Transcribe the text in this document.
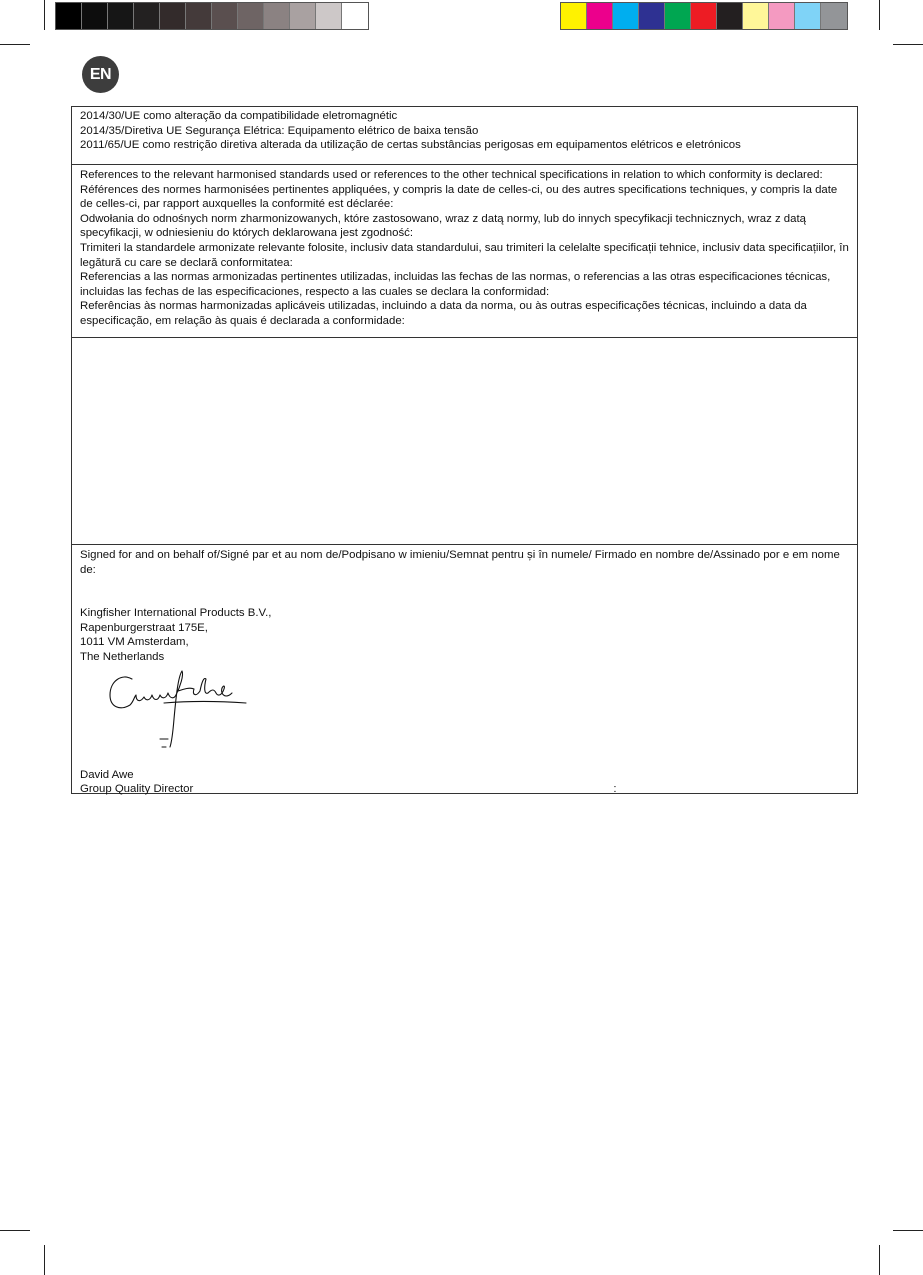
EN
2014/30/UE como alteração da compatibilidade eletromagnétic
2014/35/Diretiva UE Segurança Elétrica: Equipamento elétrico de baixa tensão
2011/65/UE como restrição diretiva alterada da utilização de certas substâncias perigosas em equipamentos elétricos e eletrónicos
References to the relevant harmonised standards used or references to the other technical specifications in relation to which conformity is declared:
Références des normes harmonisées pertinentes appliquées, y compris la date de celles-ci, ou des autres specifications techniques, y compris la date de celles-ci, par rapport auxquelles la conformité est déclarée:
Odwołania do odnośnych norm zharmonizowanych, które zastosowano, wraz z datą normy, lub do innych specyfikacji technicznych, wraz z datą specyfikacji, w odniesieniu do których deklarowana jest zgodność:
Trimiteri la standardele armonizate relevante folosite, inclusiv data standardului, sau trimiteri la celelalte specificații tehnice, inclusiv data specificațiilor, în legătură cu care se declară conformitatea:
Referencias a las normas armonizadas pertinentes utilizadas, incluidas las fechas de las normas, o referencias a las otras especificaciones técnicas, incluidas las fechas de las especificaciones, respecto a las cuales se declara la conformidad:
Referências às normas harmonizadas aplicáveis utilizadas, incluindo a data da norma, ou às outras especificações técnicas, incluindo a data da especificação, em relação às quais é declarada a conformidade:
Signed for and on behalf of/Signé par et au nom de/Podpisano w imieniu/Semnat pentru și în numele/ Firmado en nombre de/Assinado por e em nome de:
Kingfisher International Products B.V.,
Rapenburgerstraat 175E,
1011 VM Amsterdam,
The Netherlands
David Awe
Group Quality Director	:
